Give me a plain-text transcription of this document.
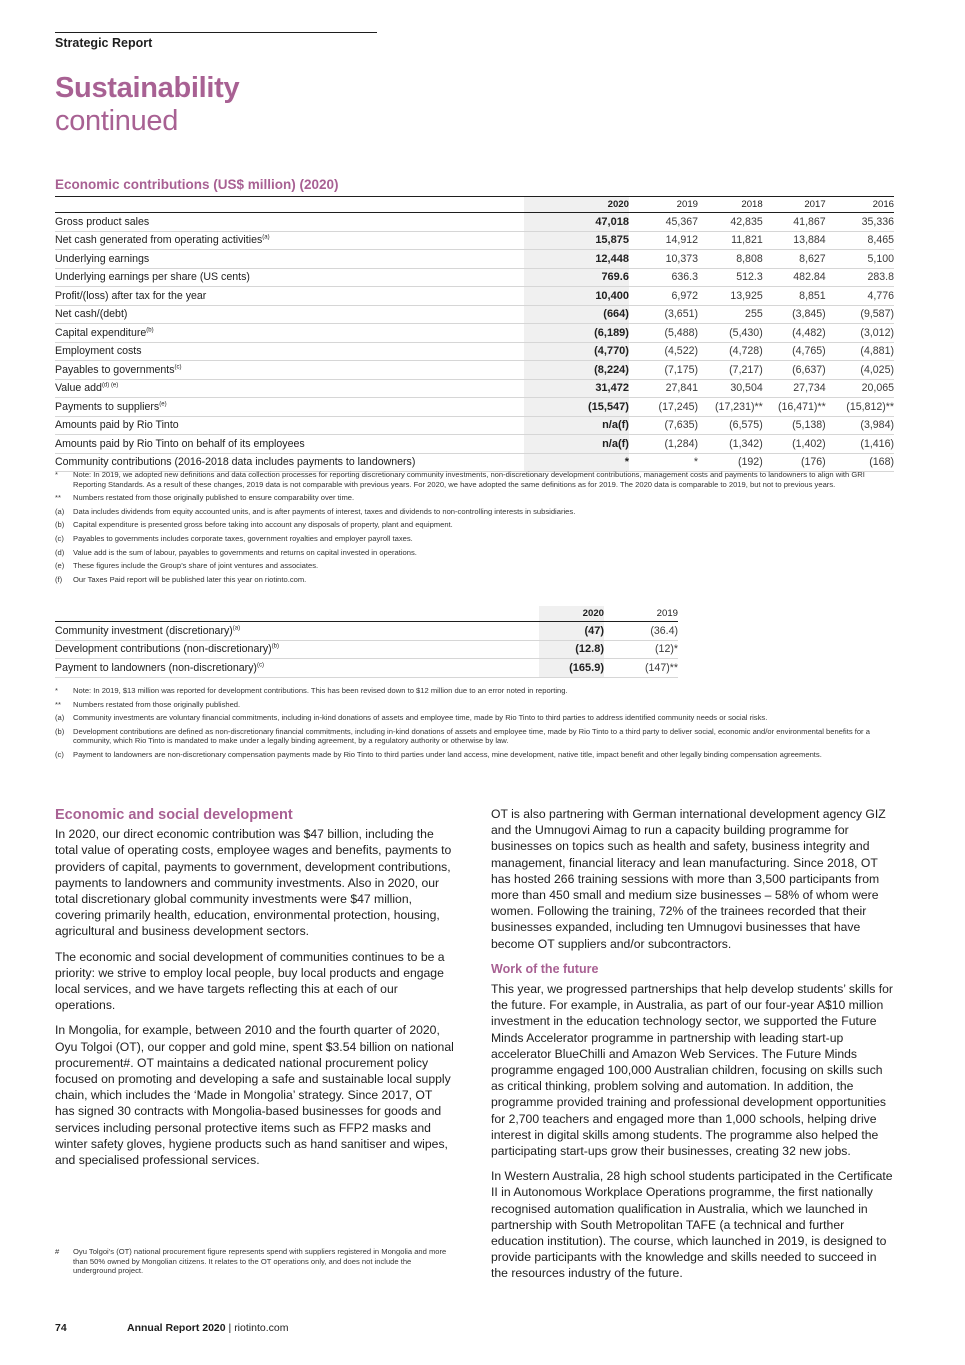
Strategic Report
Sustainability
continued
Economic contributions (US$ million) (2020)
	2020	2019	2018	2017	2016
Gross product sales	47,018	45,367	42,835	41,867	35,336
Net cash generated from operating activities$^{(a)}$	15,875	14,912	11,821	13,884	8,465
Underlying earnings	12,448	10,373	8,808	8,627	5,100
Underlying earnings per share (US cents)	769.6	636.3	512.3	482.84	283.8
Profit/(loss) after tax for the year	10,400	6,972	13,925	8,851	4,776
Net cash/(debt)	(664)	(3,651)	255	(3,845)	(9,587)
Capital expenditure$^{(b)}$	(6,189)	(5,488)	(5,430)	(4,482)	(3,012)
Employment costs	(4,770)	(4,522)	(4,728)	(4,765)	(4,881)
Payables to governments$^{(c)}$	(8,224)	(7,175)	(7,217)	(6,637)	(4,025)
Value add$^{(d) (e)}$	31,472	27,841	30,504	27,734	20,065
Payments to suppliers$^{(e)}$	(15,547)	(17,245)	(17,231)**	(16,471)**	(15,812)**
Amounts paid by Rio Tinto	n/a(f)	(7,635)	(6,575)	(5,138)	(3,984)
Amounts paid by Rio Tinto on behalf of its employees	n/a(f)	(1,284)	(1,342)	(1,402)	(1,416)
Community contributions (2016-2018 data includes payments to landowners)	*	*	(192)	(176)	(168)
*	Note: In 2019, we adopted new definitions and data collection processes for reporting discretionary community investments, non-discretionary development contributions, management costs and payments to landowners to align with GRI Reporting Standards. As a result of these changes, 2019 data is not comparable with previous years. For 2020, we have adopted the same definitions as for 2019. The 2020 data is comparable to 2019, but not to previous years.
**	Numbers restated from those originally published to ensure comparability over time.
(a)	Data includes dividends from equity accounted units, and is after payments of interest, taxes and dividends to non-controlling interests in subsidiaries.
(b)	Capital expenditure is presented gross before taking into account any disposals of property, plant and equipment.
(c)	Payables to governments includes corporate taxes, government royalties and employer payroll taxes.
(d)	Value add is the sum of labour, payables to governments and returns on capital invested in operations.
(e)	These figures include the Group’s share of joint ventures and associates.
(f)	Our Taxes Paid report will be published later this year on riotinto.com.
	2020	2019
Community investment (discretionary)$^{(a)}$	(47)	(36.4)
Development contributions (non-discretionary)$^{(b)}$	(12.8)	(12)*
Payment to landowners (non-discretionary)$^{(c)}$	(165.9)	(147)**
*	Note: In 2019, $13 million was reported for development contributions. This has been revised down to $12 million due to an error noted in reporting.
**	Numbers restated from those originally published.
(a)	Community investments are voluntary financial commitments, including in-kind donations of assets and employee time, made by Rio Tinto to third parties to address identified community needs or social risks.
(b)	Development contributions are defined as non-discretionary financial commitments, including in-kind donations of assets and employee time, made by Rio Tinto to a third party to deliver social, economic and/or environmental benefits for a community, which Rio Tinto is mandated to make under a legally binding agreement, by a regulatory authority or otherwise by law.
(c)	Payment to landowners are non-discretionary compensation payments made by Rio Tinto to third parties under land access, mine development, native title, impact benefit and other legally binding compensation agreements.
Economic and social development

In 2020, our direct economic contribution was $47 billion, including the total value of operating costs, employee wages and benefits, payments to providers of capital, payments to government, development contributions, payments to landowners and community investments. Also in 2020, our total discretionary global community investments were $47 million, covering primarily health, education, environmental protection, housing, agricultural and business development sectors.

The economic and social development of communities continues to be a priority: we strive to employ local people, buy local products and engage local services, and we have targets reflecting this at each of our operations.

In Mongolia, for example, between 2010 and the fourth quarter of 2020, Oyu Tolgoi (OT), our copper and gold mine, spent $3.54 billion on national procurement#. OT maintains a dedicated national procurement policy focused on promoting and developing a safe and sustainable local supply chain, which includes the ‘Made in Mongolia’ strategy. Since 2017, OT has signed 30 contracts with Mongolia-based businesses for goods and services including personal protective items such as FFP2 masks and winter safety gloves, hygiene products such as hand sanitiser and wipes, and specialised professional services.

OT is also partnering with German international development agency GIZ and the Umnugovi Aimag to run a capacity building programme for businesses on topics such as health and safety, business integrity and management, financial literacy and lean manufacturing. Since 2018, OT has hosted 266 training sessions with more than 3,500 participants from more than 450 small and medium size businesses – 58% of whom were women. Following the training, 72% of the trainees recorded that their businesses expanded, including ten Umnugovi businesses that have become OT suppliers and/or subcontractors.

Work of the future

This year, we progressed partnerships that help develop students’ skills for the future. For example, in Australia, as part of our four-year A$10 million investment in the education technology sector, we supported the Future Minds Accelerator programme in partnership with leading start-up accelerator BlueChilli and Amazon Web Services. The Future Minds programme engaged 100,000 Australian children, focusing on skills such as critical thinking, problem solving and automation. In addition, the programme provided training and professional development opportunities for 2,700 teachers and engaged more than 1,000 schools, helping drive interest in digital skills among students. The programme also helped the participating start-ups grow their businesses, creating 32 new jobs.

In Western Australia, 28 high school students participated in the Certificate II in Autonomous Workplace Operations programme, the first nationally recognised automation qualification in Australia, which we launched in partnership with South Metropolitan TAFE (a technical and further education institution). The course, which launched in 2019, is designed to provide participants with the knowledge and skills needed to succeed in the resources industry of the future.

#	Oyu Tolgoi’s (OT) national procurement figure represents spend with suppliers registered in Mongolia and more than 50% owned by Mongolian citizens. It relates to the OT operations only, and does not include the underground project.
74	Annual Report 2020 | riotinto.com
